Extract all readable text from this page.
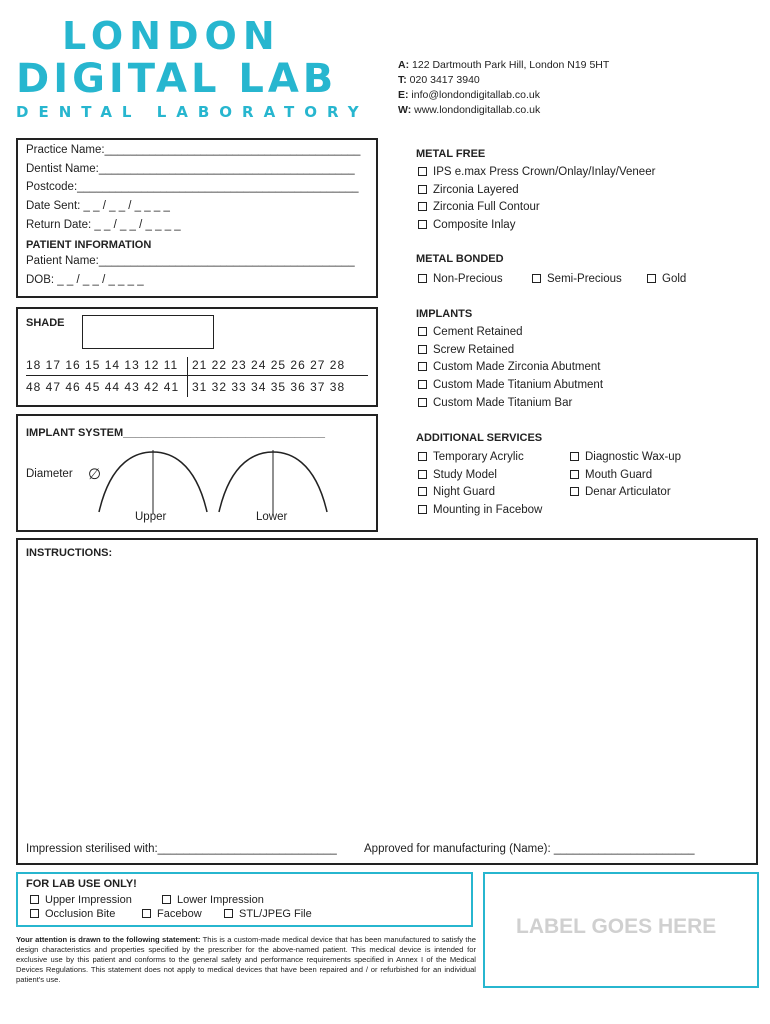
LONDON
DIGITAL LAB
DENTAL LABORATORY
A: 122 Dartmouth Park Hill, London N19 5HT
T: 020 3417 3940
E: info@londondigitallab.co.uk
W: www.londondigitallab.co.uk
Practice Name:________________________________________
Dentist Name:________________________________________
Postcode:____________________________________________
Date Sent: _ _ / _ _ / _ _ _ _
Return Date: _ _ / _ _ / _ _ _ _
PATIENT INFORMATION
Patient Name:________________________________________
DOB: _ _ / _ _ / _ _ _ _
SHADE
18 17 16 15 14 13 12 11 21 22 23 24 25 26 27 28
48 47 46 45 44 43 42 41 31 32 33 34 35 36 37 38
IMPLANT SYSTEM_________________________________
Diameter ∅
Upper	Lower
METAL FREE
IPS e.max Press Crown/Onlay/Inlay/Veneer
Zirconia Layered
Zirconia Full Contour
Composite Inlay
METAL BONDED
Non-Precious	Semi-Precious	Gold
IMPLANTS
Cement Retained
Screw Retained
Custom Made Zirconia Abutment
Custom Made Titanium Abutment
Custom Made Titanium Bar
ADDITIONAL SERVICES
Temporary Acrylic
Study Model
Night Guard
Mounting in Facebow
Diagnostic Wax-up
Mouth Guard
Denar Articulator
INSTRUCTIONS:
Impression sterilised with:____________________________ Approved for manufacturing (Name): ______________________
FOR LAB USE ONLY!
Upper Impression	Lower Impression
Occlusion Bite	Facebow	STL/JPEG File
Your attention is drawn to the following statement: This is a custom-made medical device that has been manufactured to satisfy the design characteristics and properties specified by the prescriber for the above-named patient. This medical device is intended for exclusive use by this patient and conforms to the general safety and performance requirements specified in Annex I of the Medical Devices Regulations. This statement does not apply to medical devices that have been repaired and / or refurbished for an individual patient's use.
LABEL GOES HERE
